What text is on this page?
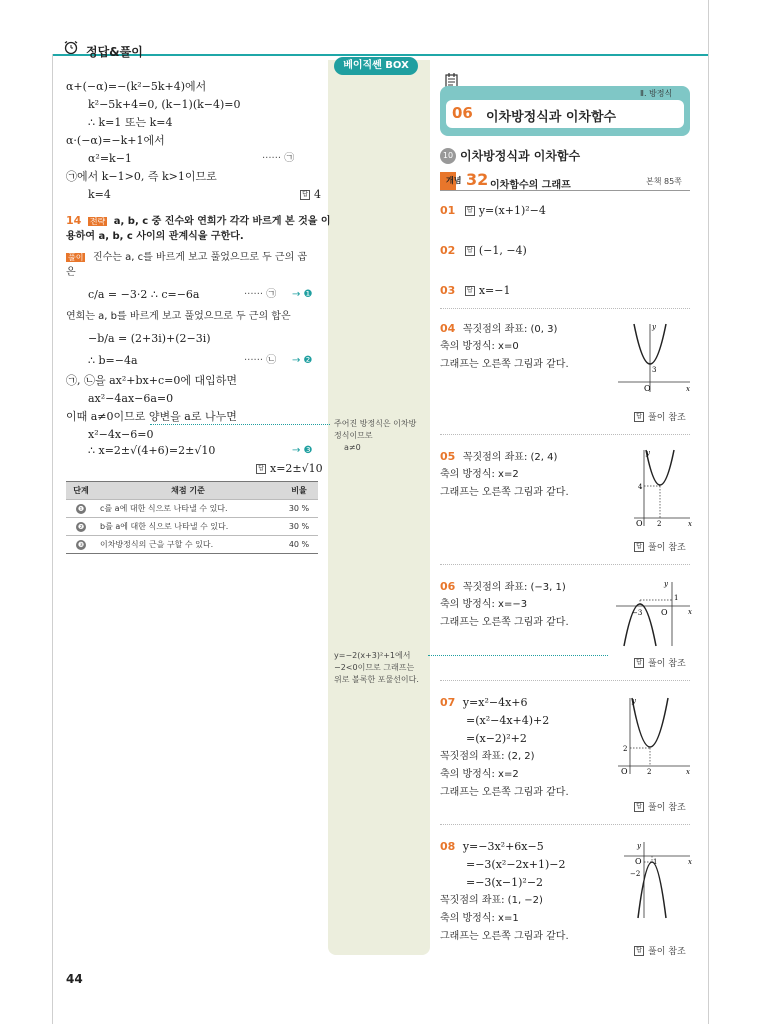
정답&풀이
베이직쎈 BOX
α+(−α)=−(k²−5k+4)에서
k²−5k+4=0, (k−1)(k−4)=0
∴ k=1 또는 k=4
α·(−α)=−k+1에서
α²=k−1	······ ㉠
㉠에서 k−1>0, 즉 k>1이므로
k=4	답 4
14 전략 a, b, c 중 진수와 연희가 각각 바르게 본 것을 이
용하여 a, b, c 사이의 관계식을 구한다.
풀이 진수는 a, c를 바르게 보고 풀었으므로 두 근의 곱
은
c/a = −3·2 ∴ c=−6a	······ ㉠ → ❶
연희는 a, b를 바르게 보고 풀었으므로 두 근의 합은
−b/a = (2+3i)+(2−3i)
∴ b=−4a	······ ㉡ → ❷
㉠, ㉡을 ax²+bx+c=0에 대입하면
ax²−4ax−6a=0
이때 a≠0이므로 양변을 a로 나누면
x²−4x−6=0
∴ x=2±√(4+6)=2±√10	→ ❸
답 x=2±√10
단계	채점 기준	비율
❶	c를 a에 대한 식으로 나타낼 수 있다.	30 %
❷	b를 a에 대한 식으로 나타낼 수 있다.	30 %
❸	이차방정식의 근을 구할 수 있다.	40 %
주어진 방정식은 이차방
정식이므로
a≠0
y=−2(x+3)²+1에서
−2<0이므로 그래프는
위로 볼록한 포물선이다.
Ⅱ. 방정식
06 이차방정식과 이차함수
10 이차방정식과 이차함수
개념 32 이차함수의 그래프	본책 85쪽
01 답 y=(x+1)²−4
02 답 (−1, −4)
03 답 x=−1
04 꼭짓점의 좌표: (0, 3)
축의 방정식: x=0
그래프는 오른쪽 그림과 같다.
x
y
O
3
답 풀이 참조
05 꼭짓점의 좌표: (2, 4)
축의 방정식: x=2
그래프는 오른쪽 그림과 같다.
x
y
O
4
2
답 풀이 참조
06 꼭짓점의 좌표: (−3, 1)
축의 방정식: x=−3
그래프는 오른쪽 그림과 같다.
x
y
O
−3
1
답 풀이 참조
07 y=x²−4x+6
=(x²−4x+4)+2
=(x−2)²+2
꼭짓점의 좌표: (2, 2)
축의 방정식: x=2
그래프는 오른쪽 그림과 같다.
x
y
O
2
2
답 풀이 참조
08 y=−3x²+6x−5
=−3(x²−2x+1)−2
=−3(x−1)²−2
꼭짓점의 좌표: (1, −2)
축의 방정식: x=1
그래프는 오른쪽 그림과 같다.
x
y
O 1
−2
답 풀이 참조
44
